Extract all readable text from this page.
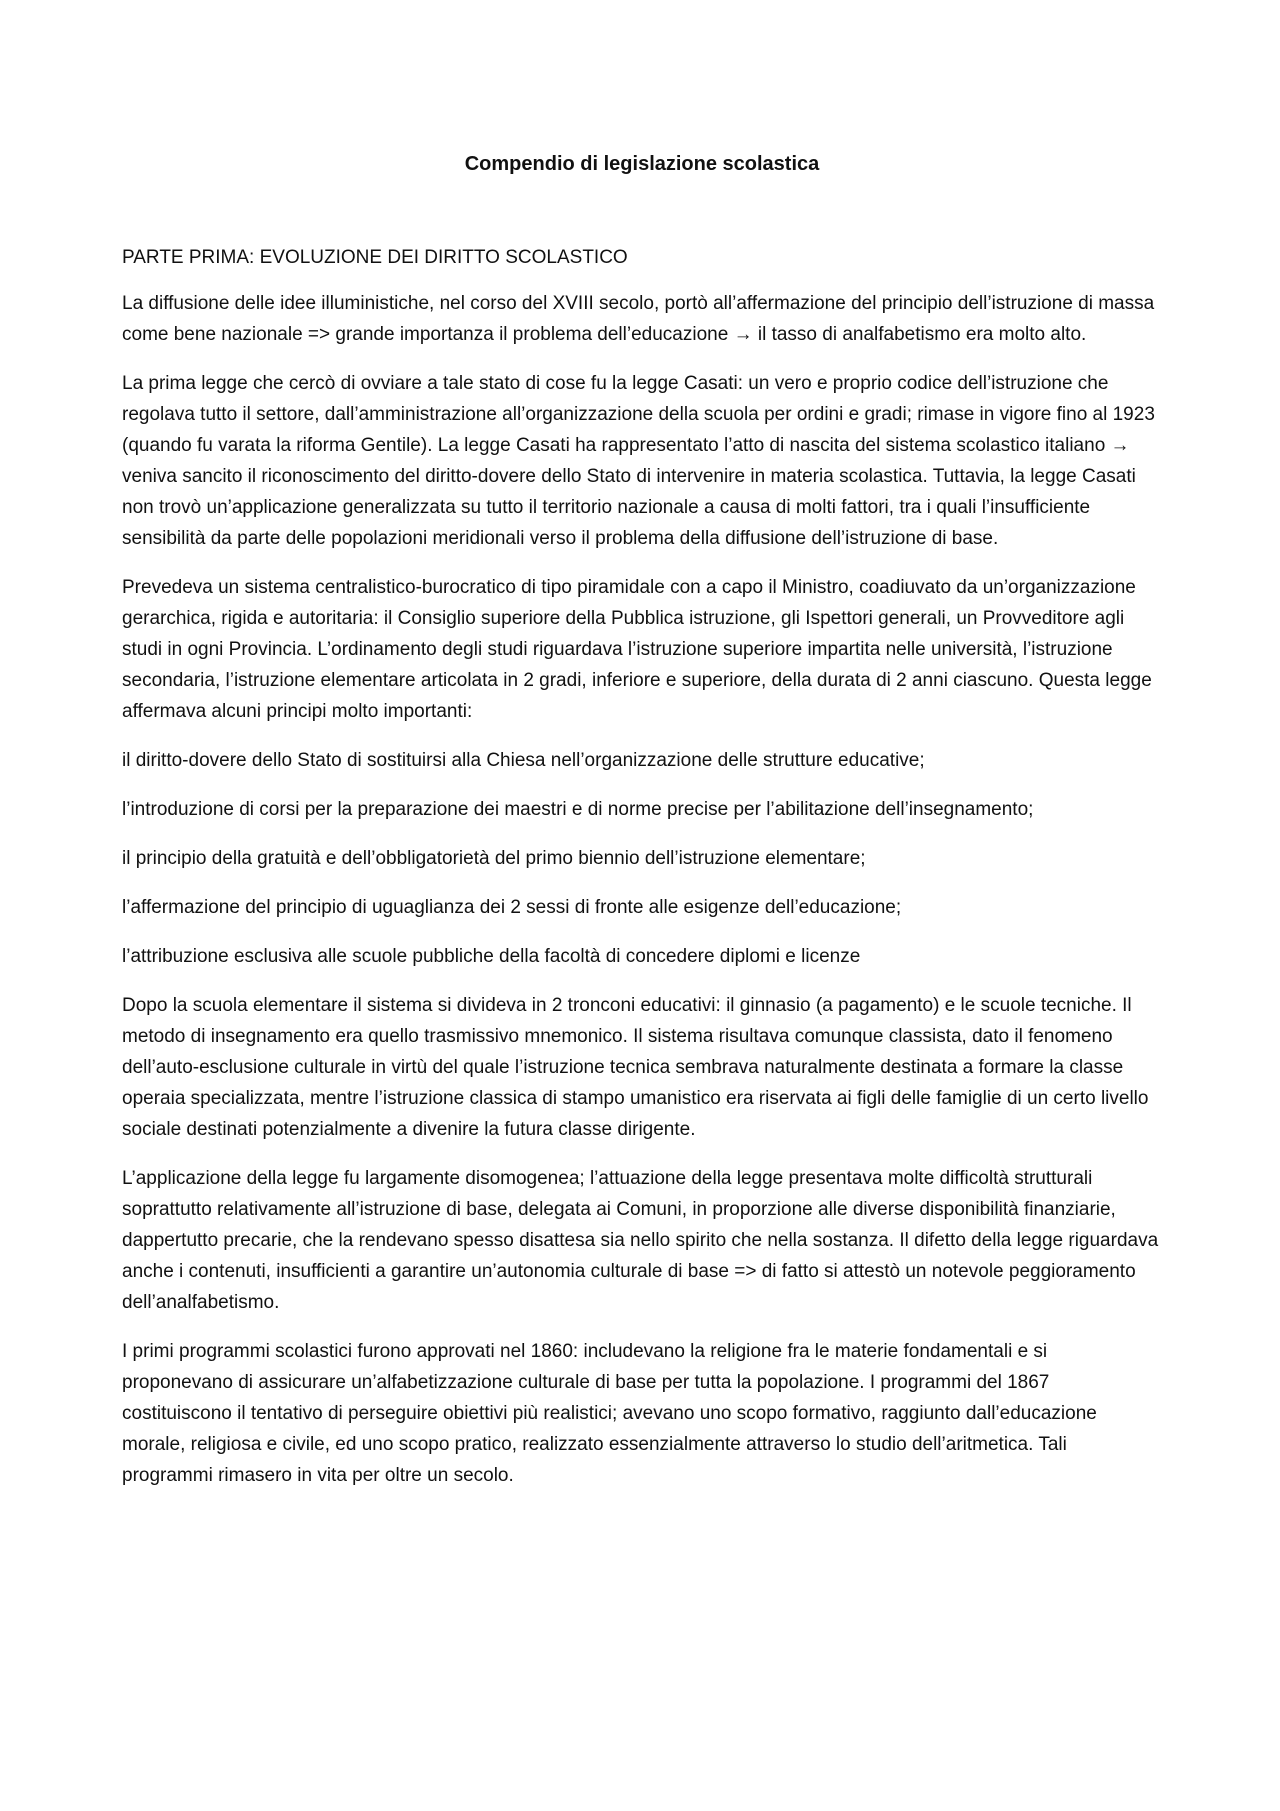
Compendio di legislazione scolastica
PARTE PRIMA: EVOLUZIONE DEI DIRITTO SCOLASTICO

La diffusione delle idee illuministiche, nel corso del XVIII secolo, portò all’affermazione del principio dell’istruzione di massa come bene nazionale => grande importanza il problema dell’educazione → il tasso di analfabetismo era molto alto.

La prima legge che cercò di ovviare a tale stato di cose fu la legge Casati: un vero e proprio codice dell’istruzione che regolava tutto il settore, dall’amministrazione all’organizzazione della scuola per ordini e gradi; rimase in vigore fino al 1923 (quando fu varata la riforma Gentile). La legge Casati ha rappresentato l’atto di nascita del sistema scolastico italiano → veniva sancito il riconoscimento del diritto-dovere dello Stato di intervenire in materia scolastica. Tuttavia, la legge Casati non trovò un’applicazione generalizzata su tutto il territorio nazionale a causa di molti fattori, tra i quali l’insufficiente sensibilità da parte delle popolazioni meridionali verso il problema della diffusione dell’istruzione di base.

Prevedeva un sistema centralistico-burocratico di tipo piramidale con a capo il Ministro, coadiuvato da un’organizzazione gerarchica, rigida e autoritaria: il Consiglio superiore della Pubblica istruzione, gli Ispettori generali, un Provveditore agli studi in ogni Provincia. L’ordinamento degli studi riguardava l’istruzione superiore impartita nelle università, l’istruzione secondaria, l’istruzione elementare articolata in 2 gradi, inferiore e superiore, della durata di 2 anni ciascuno. Questa legge affermava alcuni principi molto importanti:

il diritto-dovere dello Stato di sostituirsi alla Chiesa nell’organizzazione delle strutture educative;

l’introduzione di corsi per la preparazione dei maestri e di norme precise per l’abilitazione dell’insegnamento;

il principio della gratuità e dell’obbligatorietà del primo biennio dell’istruzione elementare;

l’affermazione del principio di uguaglianza dei 2 sessi di fronte alle esigenze dell’educazione;

l’attribuzione esclusiva alle scuole pubbliche della facoltà di concedere diplomi e licenze

Dopo la scuola elementare il sistema si divideva in 2 tronconi educativi: il ginnasio (a pagamento) e le scuole tecniche. Il metodo di insegnamento era quello trasmissivo mnemonico. Il sistema risultava comunque classista, dato il fenomeno dell’auto-esclusione culturale in virtù del quale l’istruzione tecnica sembrava naturalmente destinata a formare la classe operaia specializzata, mentre l’istruzione classica di stampo umanistico era riservata ai figli delle famiglie di un certo livello sociale destinati potenzialmente a divenire la futura classe dirigente.

L’applicazione della legge fu largamente disomogenea; l’attuazione della legge presentava molte difficoltà strutturali soprattutto relativamente all’istruzione di base, delegata ai Comuni, in proporzione alle diverse disponibilità finanziarie, dappertutto precarie, che la rendevano spesso disattesa sia nello spirito che nella sostanza. Il difetto della legge riguardava anche i contenuti, insufficienti a garantire un’autonomia culturale di base => di fatto si attestò un notevole peggioramento dell’analfabetismo.

I primi programmi scolastici furono approvati nel 1860: includevano la religione fra le materie fondamentali e si proponevano di assicurare un’alfabetizzazione culturale di base per tutta la popolazione. I programmi del 1867 costituiscono il tentativo di perseguire obiettivi più realistici; avevano uno scopo formativo, raggiunto dall’educazione morale, religiosa e civile, ed uno scopo pratico, realizzato essenzialmente attraverso lo studio dell’aritmetica. Tali programmi rimasero in vita per oltre un secolo.
